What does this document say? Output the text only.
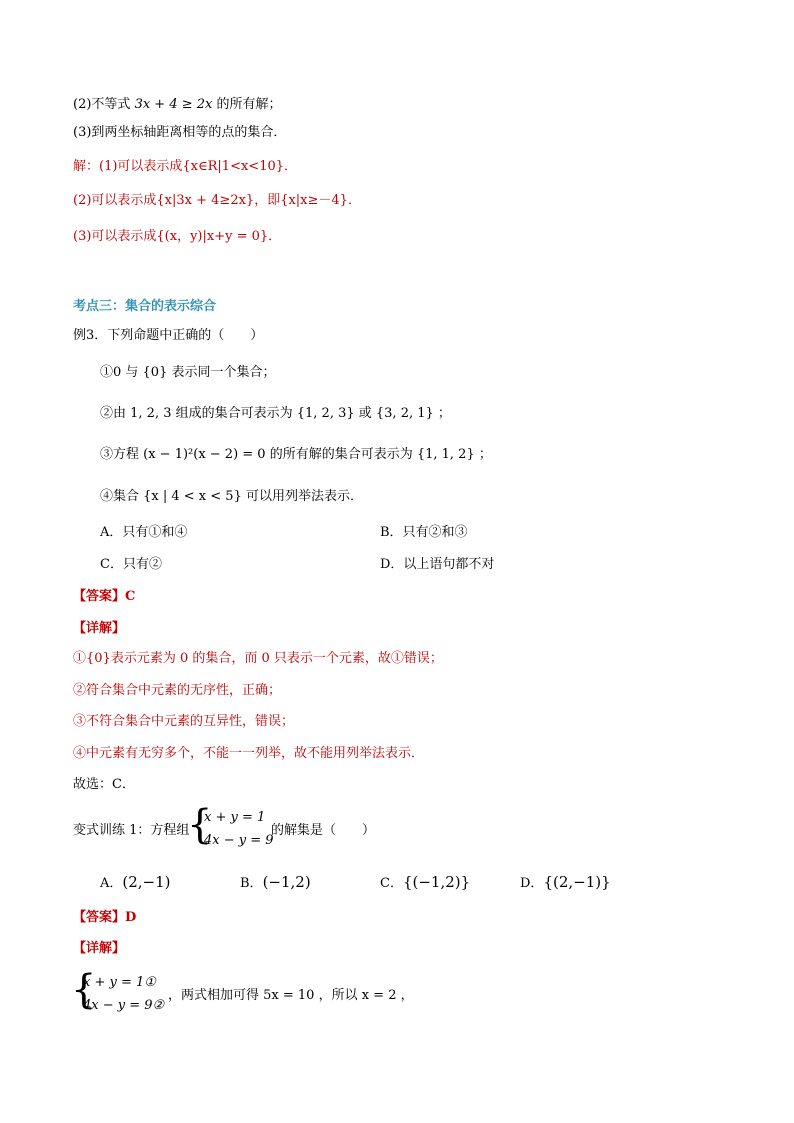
(2)不等式 3x + 4 ≥ 2x 的所有解；
(3)到两坐标轴距离相等的点的集合．
解：(1)可以表示成{x∈R|1<x<10}．
(2)可以表示成{x|3x + 4≥2x}，即{x|x≥－4}．
(3)可以表示成{(x，y)|x+y = 0}．
考点三：集合的表示综合
例3．下列命题中正确的（　　）
①0 与 {0} 表示同一个集合；
②由 1, 2, 3 组成的集合可表示为 {1, 2, 3} 或 {3, 2, 1} ；
③方程 (x − 1)²(x − 2) = 0 的所有解的集合可表示为 {1, 1, 2} ；
④集合 {x | 4 < x < 5} 可以用列举法表示．
A．只有①和④	B．只有②和③
C．只有②	D．以上语句都不对
【答案】C
【详解】
①{0}表示元素为 0 的集合，而 0 只表示一个元素，故①错误；
②符合集合中元素的无序性，正确；
③不符合集合中元素的互异性，错误；
④中元素有无穷多个，不能一一列举，故不能用列举法表示．
故选：C．
变式训练 1：方程组
{
x + y = 1
4x − y = 9
的解集是（　　）
A．(2,−1)	B．(−1,2)	C．{(−1,2)}	D．{(2,−1)}
【答案】D
【详解】
{
x + y = 1①
4x − y = 9②
，两式相加可得 5x = 10 ，所以 x = 2 ，
